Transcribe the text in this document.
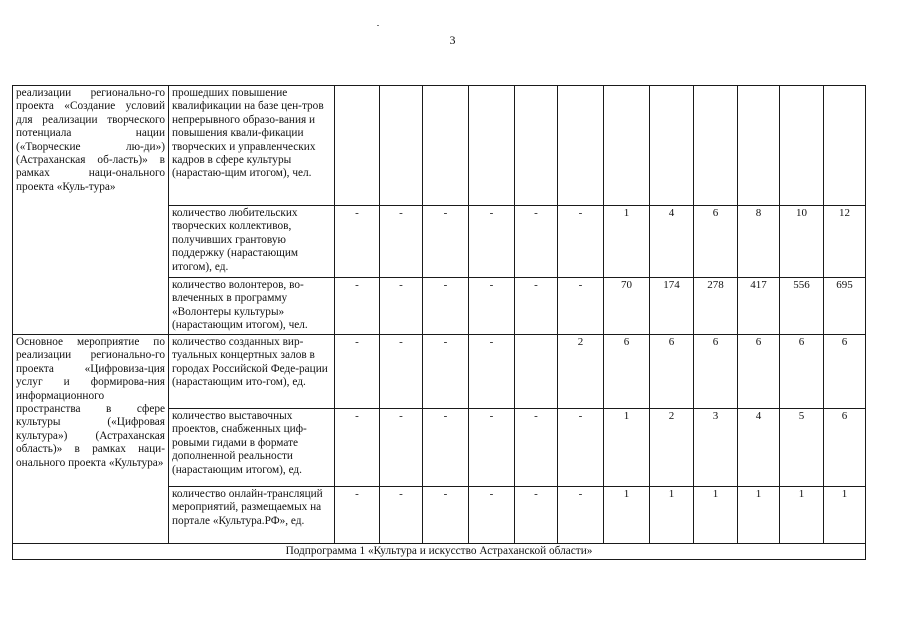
3
реализации регионально-го проекта «Создание условий для реализации творческого потенциала нации («Творческие лю-ди») (Астраханская об-ласть)» в рамках наци-онального проекта «Куль-тура»	прошедших повышение квалификации на базе цен-тров непрерывного образо-вания и повышения квали-фикации творческих и управленческих кадров в сфере культуры (нарастаю-щим итогом), чел.												
	количество любительских творческих коллективов, получивших грантовую поддержку (нарастающим итогом), ед.	-	-	-	-	-	-	1	4	6	8	10	12
	количество волонтеров, во-влеченных в программу «Волонтеры культуры» (нарастающим итогом), чел.	-	-	-	-	-	-	70	174	278	417	556	695
Основное мероприятие по реализации регионально-го проекта «Цифровиза-ция услуг и формирова-ния информационного пространства в сфере культуры («Цифровая культура») (Астраханская область)» в рамках наци-онального проекта «Культура»	количество созданных вир-туальных концертных залов в городах Российской Феде-рации (нарастающим ито-гом), ед.	-	-	-	-		2	6	6	6	6	6	6
	количество выставочных проектов, снабженных циф-ровыми гидами в формате дополненной реальности (нарастающим итогом), ед.	-	-	-	-	-	-	1	2	3	4	5	6
	количество онлайн-трансляций мероприятий, размещаемых на портале «Культура.РФ», ед.	-	-	-	-	-	-	1	1	1	1	1	1
Подпрограмма 1 «Культура и искусство Астраханской области»													
